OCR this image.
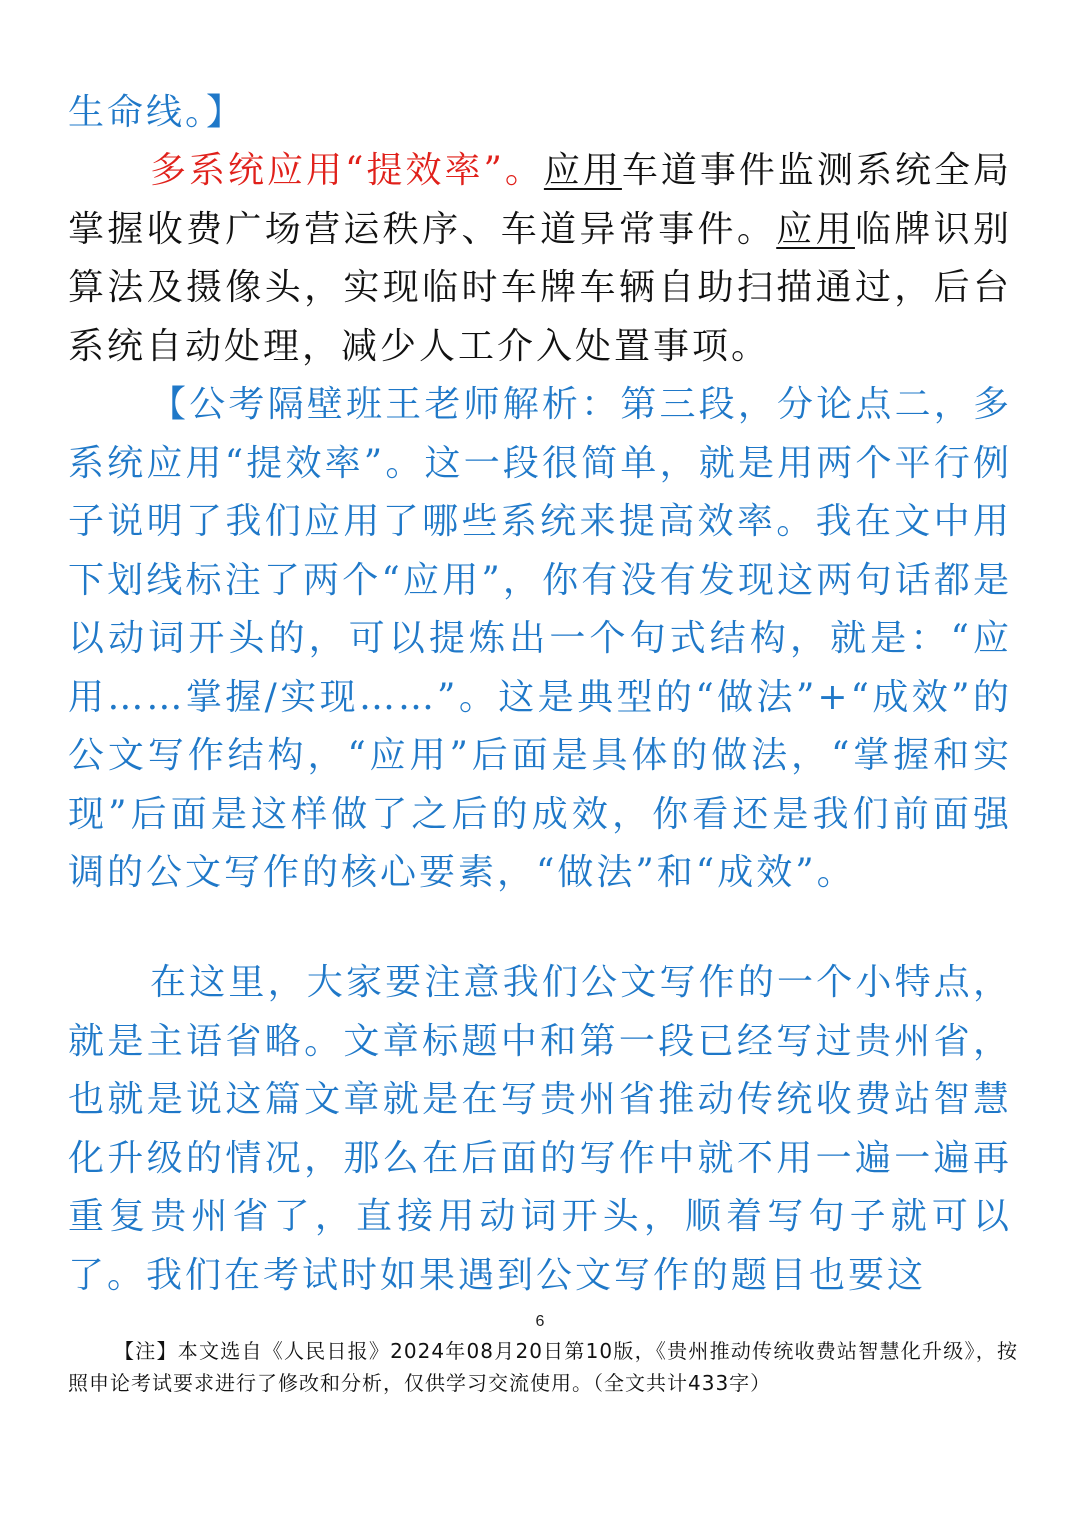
生命线。】
多系统应用“提效率”。应用车道事件监测系统全局掌握收费广场营运秩序、车道异常事件。应用临牌识别算法及摄像头，实现临时车牌车辆自助扫描通过，后台系统自动处理，减少人工介入处置事项。
【公考隔壁班王老师解析：第三段，分论点二，多系统应用“提效率”。这一段很简单，就是用两个平行例子说明了我们应用了哪些系统来提高效率。我在文中用下划线标注了两个“应用”，你有没有发现这两句话都是以动词开头的，可以提炼出一个句式结构，就是：“应用……掌握/实现……”。这是典型的“做法”+“成效”的公文写作结构，“应用”后面是具体的做法，“掌握和实现”后面是这样做了之后的成效，你看还是我们前面强调的公文写作的核心要素，“做法”和“成效”。
在这里，大家要注意我们公文写作的一个小特点，就是主语省略。文章标题中和第一段已经写过贵州省，也就是说这篇文章就是在写贵州省推动传统收费站智慧化升级的情况，那么在后面的写作中就不用一遍一遍再重复贵州省了，直接用动词开头，顺着写句子就可以了。我们在考试时如果遇到公文写作的题目也要这
6
【注】本文选自《人民日报》2024年08月20日第10版，《贵州推动传统收费站智慧化升级》，按照申论考试要求进行了修改和分析，仅供学习交流使用。（全文共计433字）
